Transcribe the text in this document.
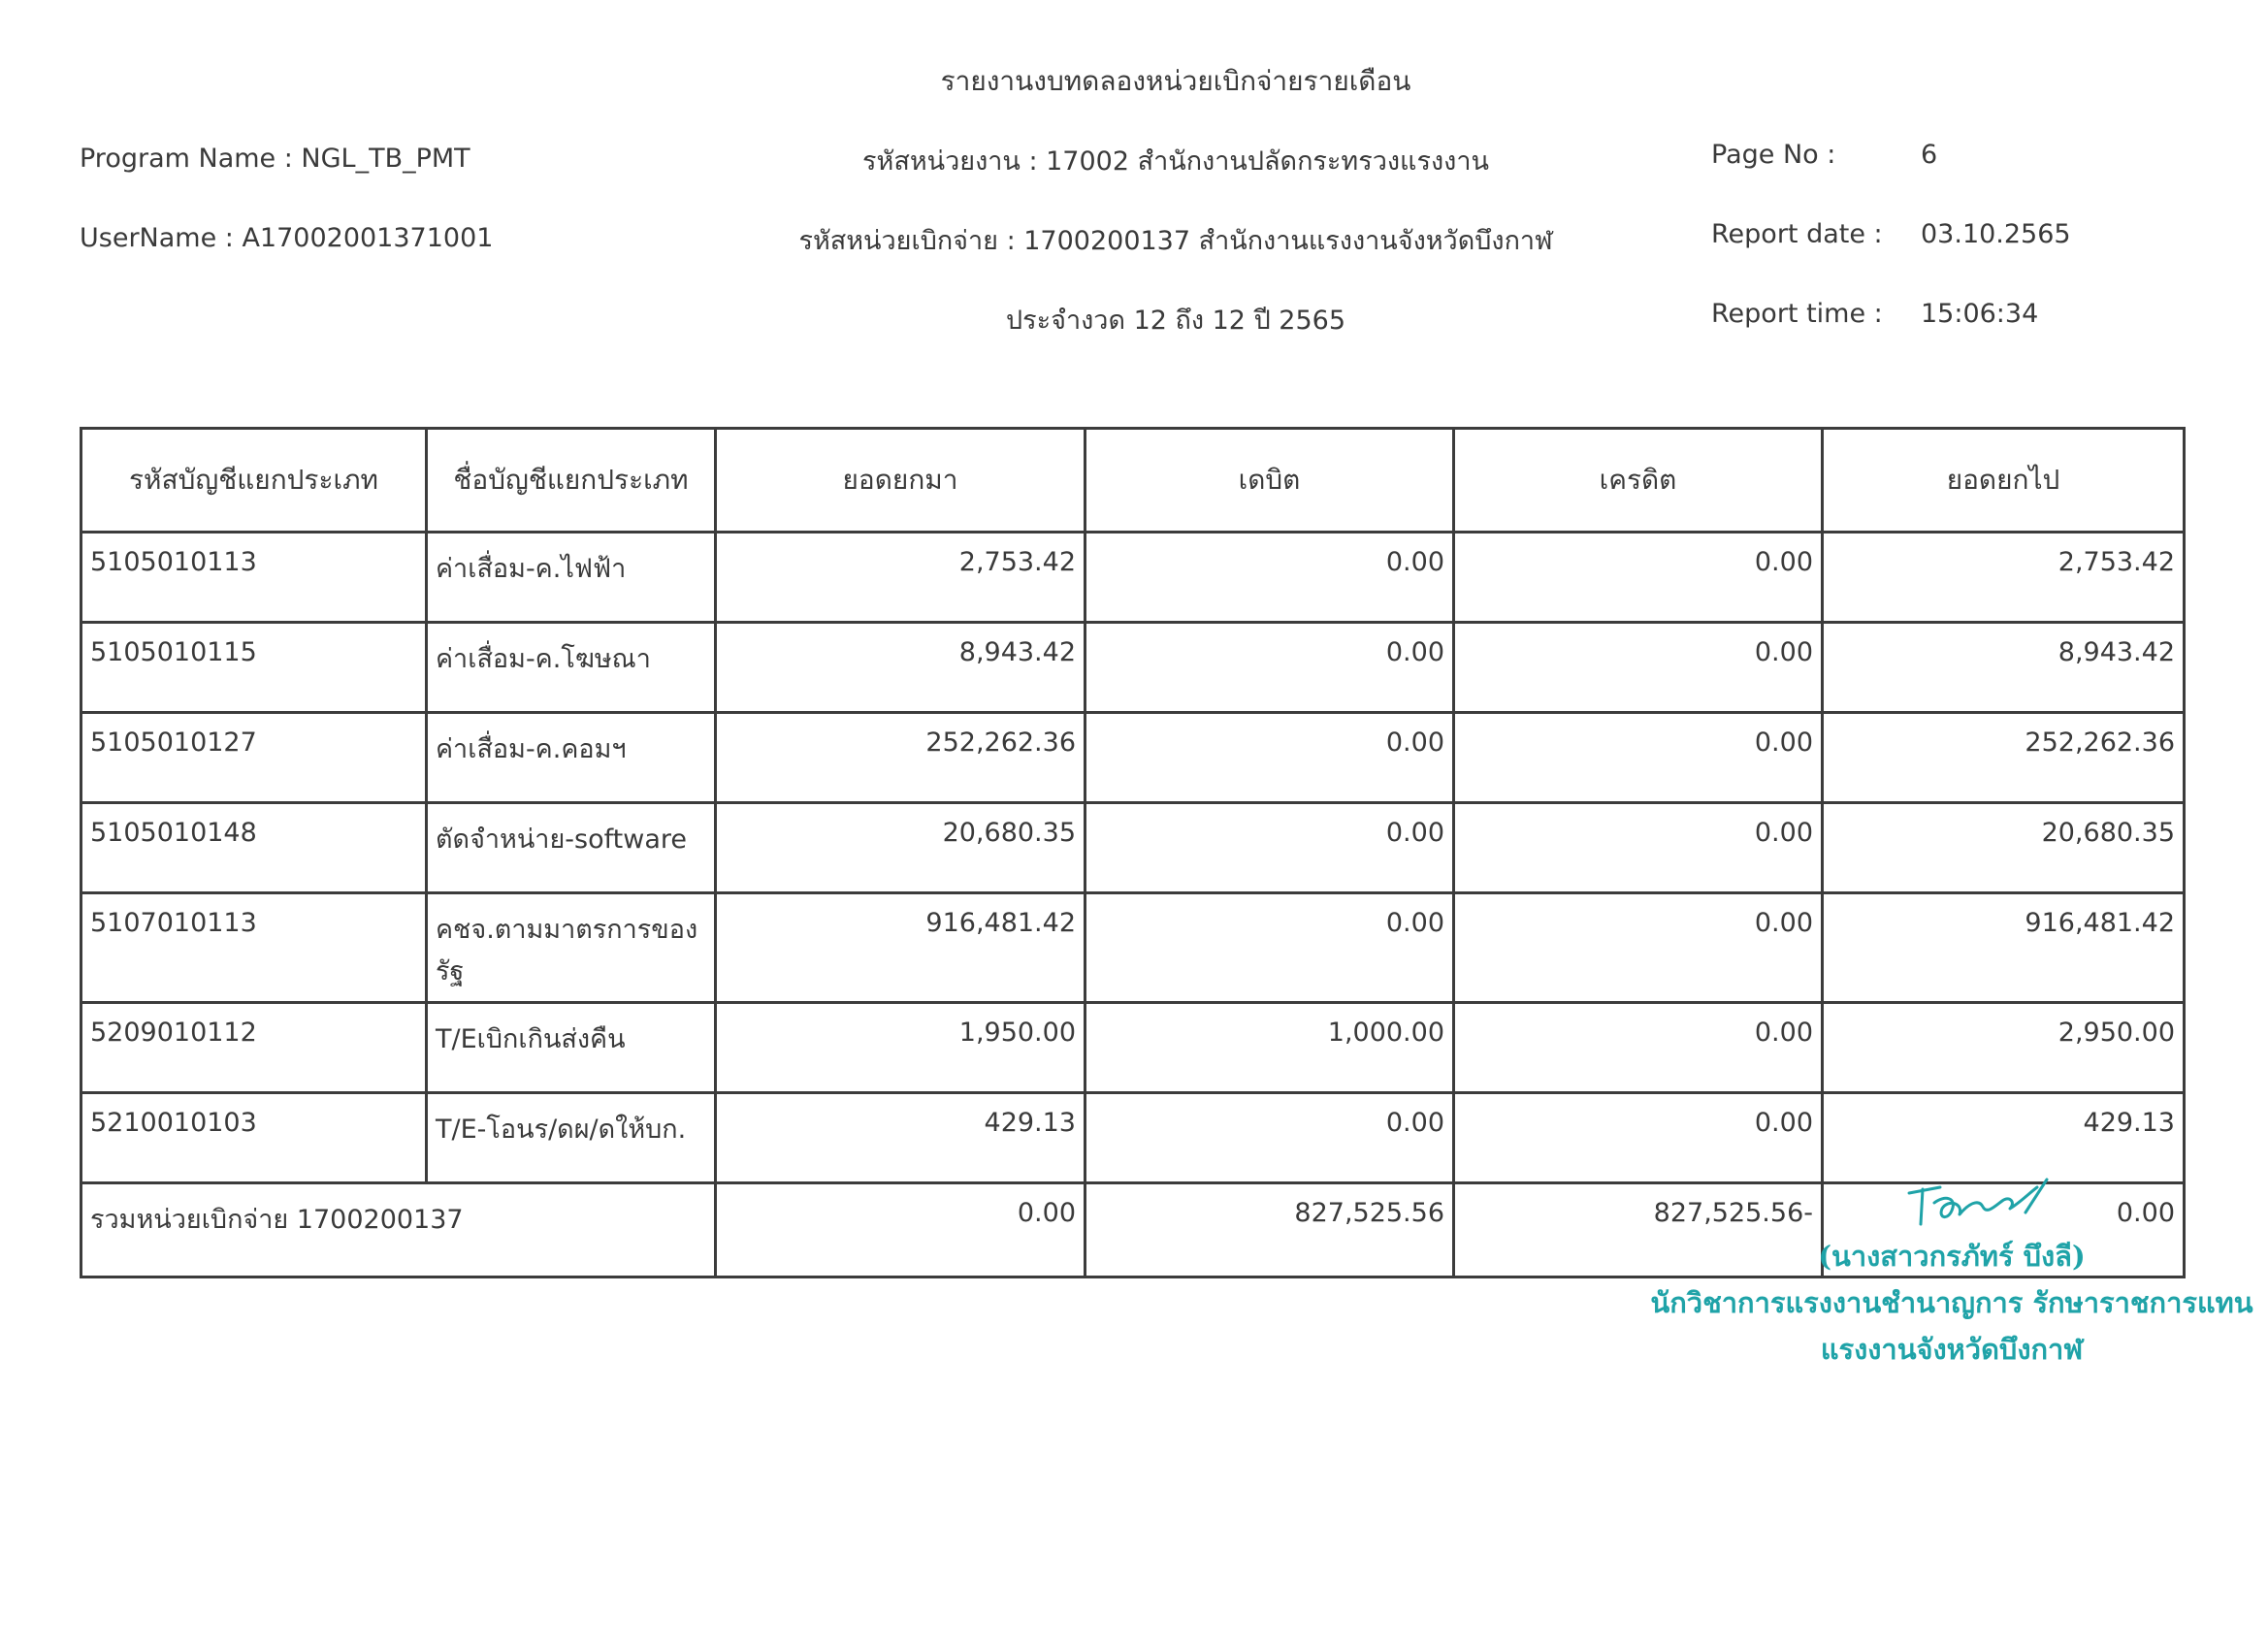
รายงานงบทดลองหน่วยเบิกจ่ายรายเดือน
Program Name : NGL_TB_PMT
UserName : A17002001371001
รหัสหน่วยงาน : 17002 สำนักงานปลัดกระทรวงแรงงาน
รหัสหน่วยเบิกจ่าย : 1700200137 สำนักงานแรงงานจังหวัดบึงกาฬ
ประจำงวด 12 ถึง 12 ปี 2565
Page No :	6
Report date : 03.10.2565
Report time : 15:06:34
รหัสบัญชีแยกประเภท	ชื่อบัญชีแยกประเภท	ยอดยกมา	เดบิต	เครดิต	ยอดยกไป
5105010113	ค่าเสื่อม-ค.ไฟฟ้า	2,753.42	0.00	0.00	2,753.42
5105010115	ค่าเสื่อม-ค.โฆษณา	8,943.42	0.00	0.00	8,943.42
5105010127	ค่าเสื่อม-ค.คอมฯ	252,262.36	0.00	0.00	252,262.36
5105010148	ตัดจำหน่าย-software	20,680.35	0.00	0.00	20,680.35
5107010113	คชจ.ตามมาตรการของรัฐ	916,481.42	0.00	0.00	916,481.42
5209010112	T/Eเบิกเกินส่งคืน	1,950.00	1,000.00	0.00	2,950.00
5210010103	T/E-โอนร/ดผ/ดให้บก.	429.13	0.00	0.00	429.13
รวมหน่วยเบิกจ่าย 1700200137		0.00	827,525.56	827,525.56-	0.00
(นางสาวกรภัทร์ บึงลี)
นักวิชาการแรงงานชำนาญการ รักษาราชการแทน
แรงงานจังหวัดบึงกาฬ
